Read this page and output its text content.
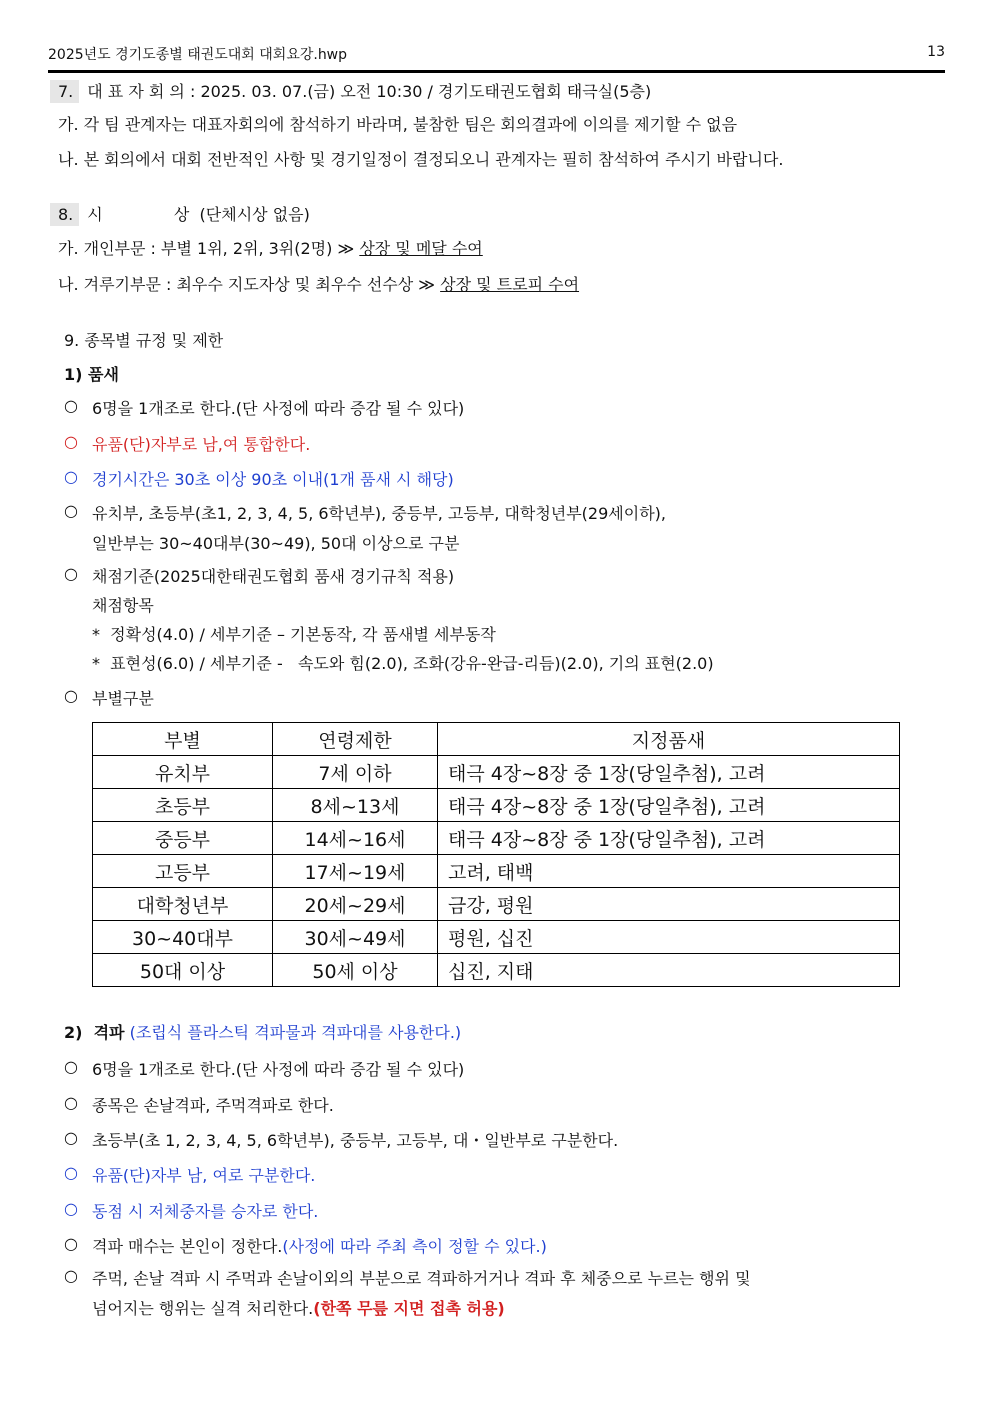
2025년도 경기도종별 태권도대회 대회요강.hwp	13
7. 대 표 자 회 의 : 2025. 03. 07.(금) 오전 10:30 / 경기도태권도협회 태극실(5층)
가. 각 팀 관계자는 대표자회의에 참석하기 바라며, 불참한 팀은 회의결과에 이의를 제기할 수 없음
나. 본 회의에서 대회 전반적인 사항 및 경기일정이 결정되오니 관계자는 필히 참석하여 주시기 바랍니다.
8. 시              상  (단체시상 없음)
가. 개인부문 : 부별 1위, 2위, 3위(2명) ≫ 상장 및 메달 수여
나. 겨루기부문 : 최우수 지도자상 및 최우수 선수상 ≫ 상장 및 트로피 수여
9. 종목별 규정 및 제한
1) 품새
○ 6명을 1개조로 한다.(단 사정에 따라 증감 될 수 있다)
○ 유품(단)자부로 남,여 통합한다.
○ 경기시간은 30초 이상 90초 이내(1개 품새 시 해당)
○ 유치부, 초등부(초1, 2, 3, 4, 5, 6학년부), 중등부, 고등부, 대학청년부(29세이하),
일반부는 30~40대부(30~49), 50대 이상으로 구분
○ 채점기준(2025대한태권도협회 품새 경기규칙 적용)
채점항목
*  정확성(4.0) / 세부기준 – 기본동작, 각 품새별 세부동작
*  표현성(6.0) / 세부기준 -   속도와 힘(2.0), 조화(강유-완급-리듬)(2.0), 기의 표현(2.0)
○ 부별구분
부별	연령제한	지정품새
유치부	7세 이하	태극 4장~8장 중 1장(당일추첨), 고려
초등부	8세~13세	태극 4장~8장 중 1장(당일추첨), 고려
중등부	14세~16세	태극 4장~8장 중 1장(당일추첨), 고려
고등부	17세~19세	고려, 태백
대학청년부	20세~29세	금강, 평원
30~40대부	30세~49세	평원, 십진
50대 이상	50세 이상	십진, 지태
2)  격파 (조립식 플라스틱 격파물과 격파대를 사용한다.)
○ 6명을 1개조로 한다.(단 사정에 따라 증감 될 수 있다)
○ 종목은 손날격파, 주먹격파로 한다.
○ 초등부(초 1, 2, 3, 4, 5, 6학년부), 중등부, 고등부, 대・일반부로 구분한다.
○ 유품(단)자부 남, 여로 구분한다.
○ 동점 시 저체중자를 승자로 한다.
○ 격파 매수는 본인이 정한다.(사정에 따라 주최 측이 정할 수 있다.)
○ 주먹, 손날 격파 시 주먹과 손날이외의 부분으로 격파하거거나 격파 후 체중으로 누르는 행위 및
넘어지는 행위는 실격 처리한다.(한쪽 무릎 지면 접촉 허용)
